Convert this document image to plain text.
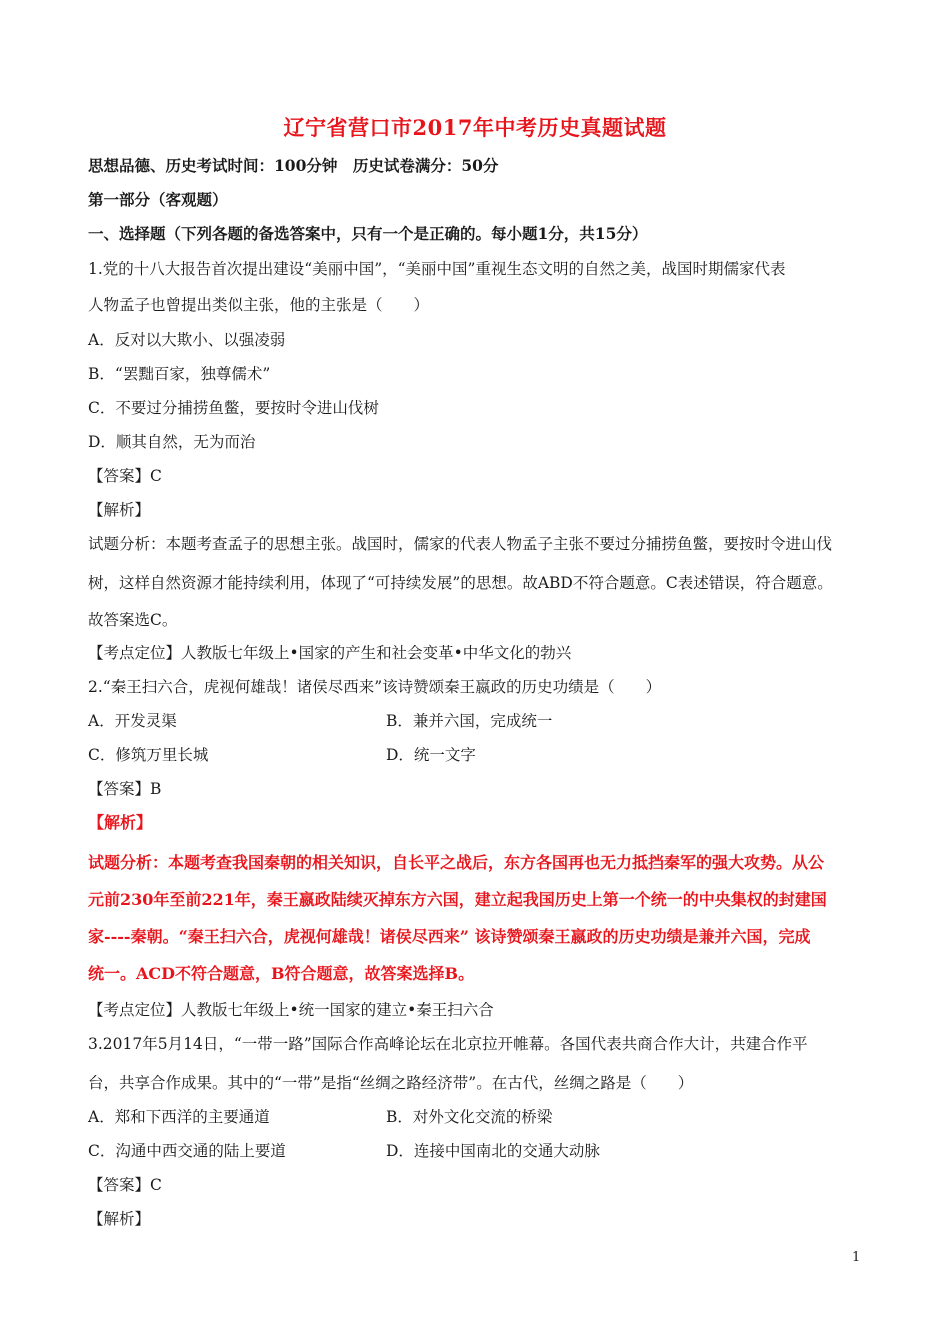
辽宁省营口市2017年中考历史真题试题
思想品德、历史考试时间：100分钟　历史试卷满分：50分
第一部分（客观题）
一、选择题（下列各题的备选答案中，只有一个是正确的。每小题1分，共15分）
1.党的十八大报告首次提出建设“美丽中国”，“美丽中国”重视生态文明的自然之美，战国时期儒家代表
人物孟子也曾提出类似主张，他的主张是（　　）
A．反对以大欺小、以强凌弱
B．“罢黜百家，独尊儒术”
C．不要过分捕捞鱼鳖，要按时令进山伐树
D．顺其自然，无为而治
【答案】C
【解析】
试题分析：本题考查孟子的思想主张。战国时，儒家的代表人物孟子主张不要过分捕捞鱼鳖，要按时令进山伐
树，这样自然资源才能持续利用，体现了“可持续发展”的思想。故ABD不符合题意。C表述错误，符合题意。
故答案选C。
【考点定位】人教版七年级上•国家的产生和社会变革•中华文化的勃兴
2.“秦王扫六合，虎视何雄哉！诸侯尽西来”该诗赞颂秦王嬴政的历史功绩是（　　）
A．开发灵渠	B．兼并六国，完成统一
C．修筑万里长城	D．统一文字
【答案】B
【解析】
试题分析：本题考查我国秦朝的相关知识，自长平之战后，东方各国再也无力抵挡秦军的强大攻势。从公
元前230年至前221年，秦王嬴政陆续灭掉东方六国，建立起我国历史上第一个统一的中央集权的封建国
家----秦朝。“秦王扫六合，虎视何雄哉！诸侯尽西来” 该诗赞颂秦王嬴政的历史功绩是兼并六国，完成
统一。ACD不符合题意，B符合题意，故答案选择B。
【考点定位】人教版七年级上•统一国家的建立•秦王扫六合
3.2017年5月14日，“一带一路”国际合作高峰论坛在北京拉开帷幕。各国代表共商合作大计，共建合作平
台，共享合作成果。其中的“一带”是指“丝绸之路经济带”。在古代，丝绸之路是（　　）
A．郑和下西洋的主要通道	B．对外文化交流的桥梁
C．沟通中西交通的陆上要道	D．连接中国南北的交通大动脉
【答案】C
【解析】
1
